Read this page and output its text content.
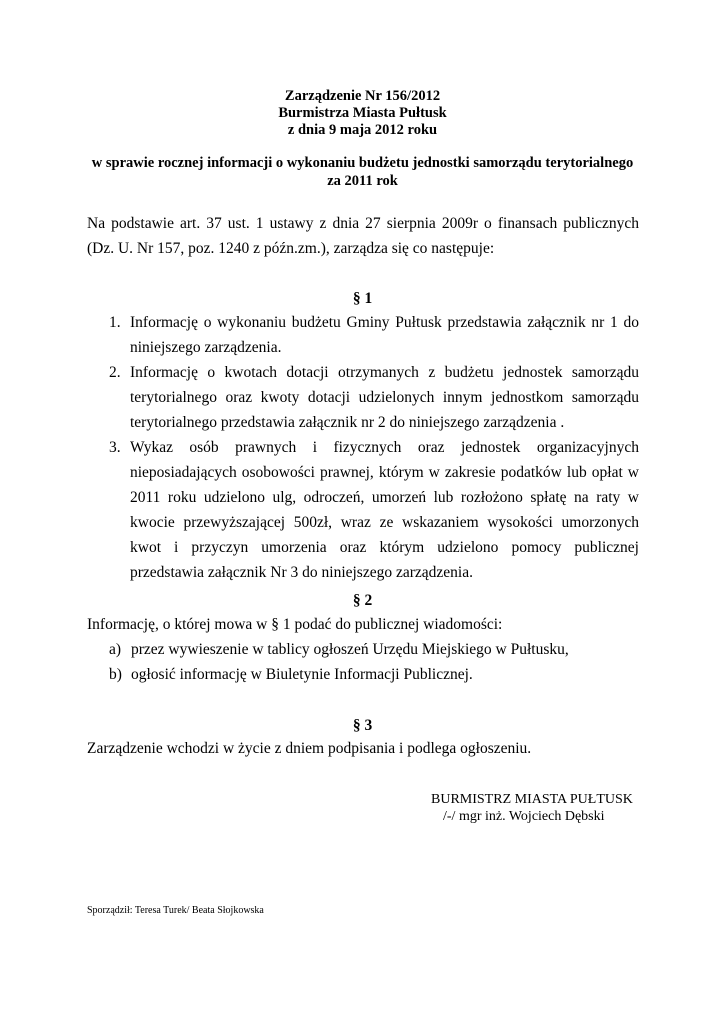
Zarządzenie Nr 156/2012
Burmistrza Miasta Pułtusk
z dnia 9 maja 2012 roku
w sprawie rocznej informacji o wykonaniu budżetu jednostki samorządu terytorialnego
za 2011 rok
Na podstawie art. 37 ust. 1 ustawy z dnia 27 sierpnia 2009r o finansach publicznych (Dz. U. Nr 157, poz. 1240 z późn.zm.), zarządza się co następuje:
§ 1
1. Informację o wykonaniu budżetu Gminy Pułtusk przedstawia załącznik nr 1 do niniejszego zarządzenia.
2. Informację o kwotach dotacji otrzymanych z budżetu jednostek samorządu terytorialnego oraz kwoty dotacji udzielonych innym jednostkom samorządu terytorialnego przedstawia załącznik nr 2 do niniejszego zarządzenia .
3. Wykaz osób prawnych i fizycznych oraz jednostek organizacyjnych nieposiadających osobowości prawnej, którym w zakresie podatków lub opłat w 2011 roku udzielono ulg, odroczeń, umorzeń lub rozłożono spłatę na raty w kwocie przewyższającej 500zł, wraz ze wskazaniem wysokości umorzonych kwot i przyczyn umorzenia oraz którym udzielono pomocy publicznej przedstawia załącznik Nr 3 do niniejszego zarządzenia.
§ 2
Informację, o której mowa w § 1 podać do publicznej wiadomości:
a) przez wywieszenie w tablicy ogłoszeń Urzędu Miejskiego w Pułtusku,
b) ogłosić informację w Biuletynie Informacji Publicznej.
§ 3
Zarządzenie wchodzi w życie z dniem podpisania i podlega ogłoszeniu.
BURMISTRZ MIASTA PUŁTUSK
/-/ mgr inż. Wojciech Dębski
Sporządził: Teresa Turek/ Beata Słojkowska
